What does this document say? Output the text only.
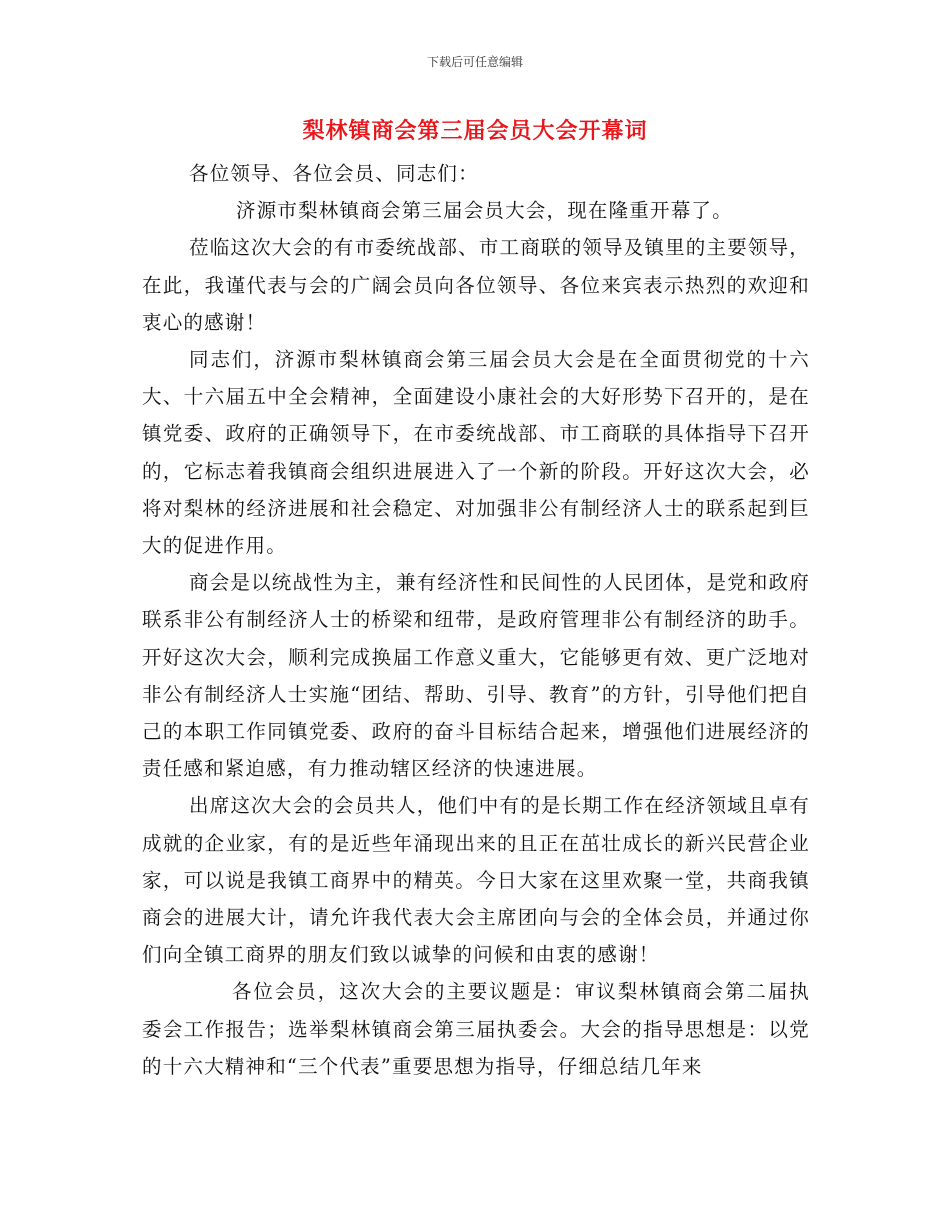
下载后可任意编辑
梨林镇商会第三届会员大会开幕词

各位领导、各位会员、同志们：

济源市梨林镇商会第三届会员大会，现在隆重开幕了。

莅临这次大会的有市委统战部、市工商联的领导及镇里的主要领导，在此，我谨代表与会的广阔会员向各位领导、各位来宾表示热烈的欢迎和衷心的感谢！

同志们，济源市梨林镇商会第三届会员大会是在全面贯彻党的十六大、十六届五中全会精神，全面建设小康社会的大好形势下召开的，是在镇党委、政府的正确领导下，在市委统战部、市工商联的具体指导下召开的，它标志着我镇商会组织进展进入了一个新的阶段。开好这次大会，必将对梨林的经济进展和社会稳定、对加强非公有制经济人士的联系起到巨大的促进作用。

商会是以统战性为主，兼有经济性和民间性的人民团体，是党和政府联系非公有制经济人士的桥梁和纽带，是政府管理非公有制经济的助手。开好这次大会，顺利完成换届工作意义重大，它能够更有效、更广泛地对非公有制经济人士实施“团结、帮助、引导、教育”的方针，引导他们把自己的本职工作同镇党委、政府的奋斗目标结合起来，增强他们进展经济的责任感和紧迫感，有力推动辖区经济的快速进展。

出席这次大会的会员共人，他们中有的是长期工作在经济领域且卓有成就的企业家，有的是近些年涌现出来的且正在茁壮成长的新兴民营企业家，可以说是我镇工商界中的精英。今日大家在这里欢聚一堂，共商我镇商会的进展大计，请允许我代表大会主席团向与会的全体会员，并通过你们向全镇工商界的朋友们致以诚挚的问候和由衷的感谢！

各位会员，这次大会的主要议题是：审议梨林镇商会第二届执委会工作报告；选举梨林镇商会第三届执委会。大会的指导思想是：以党的十六大精神和“三个代表”重要思想为指导，仔细总结几年来
